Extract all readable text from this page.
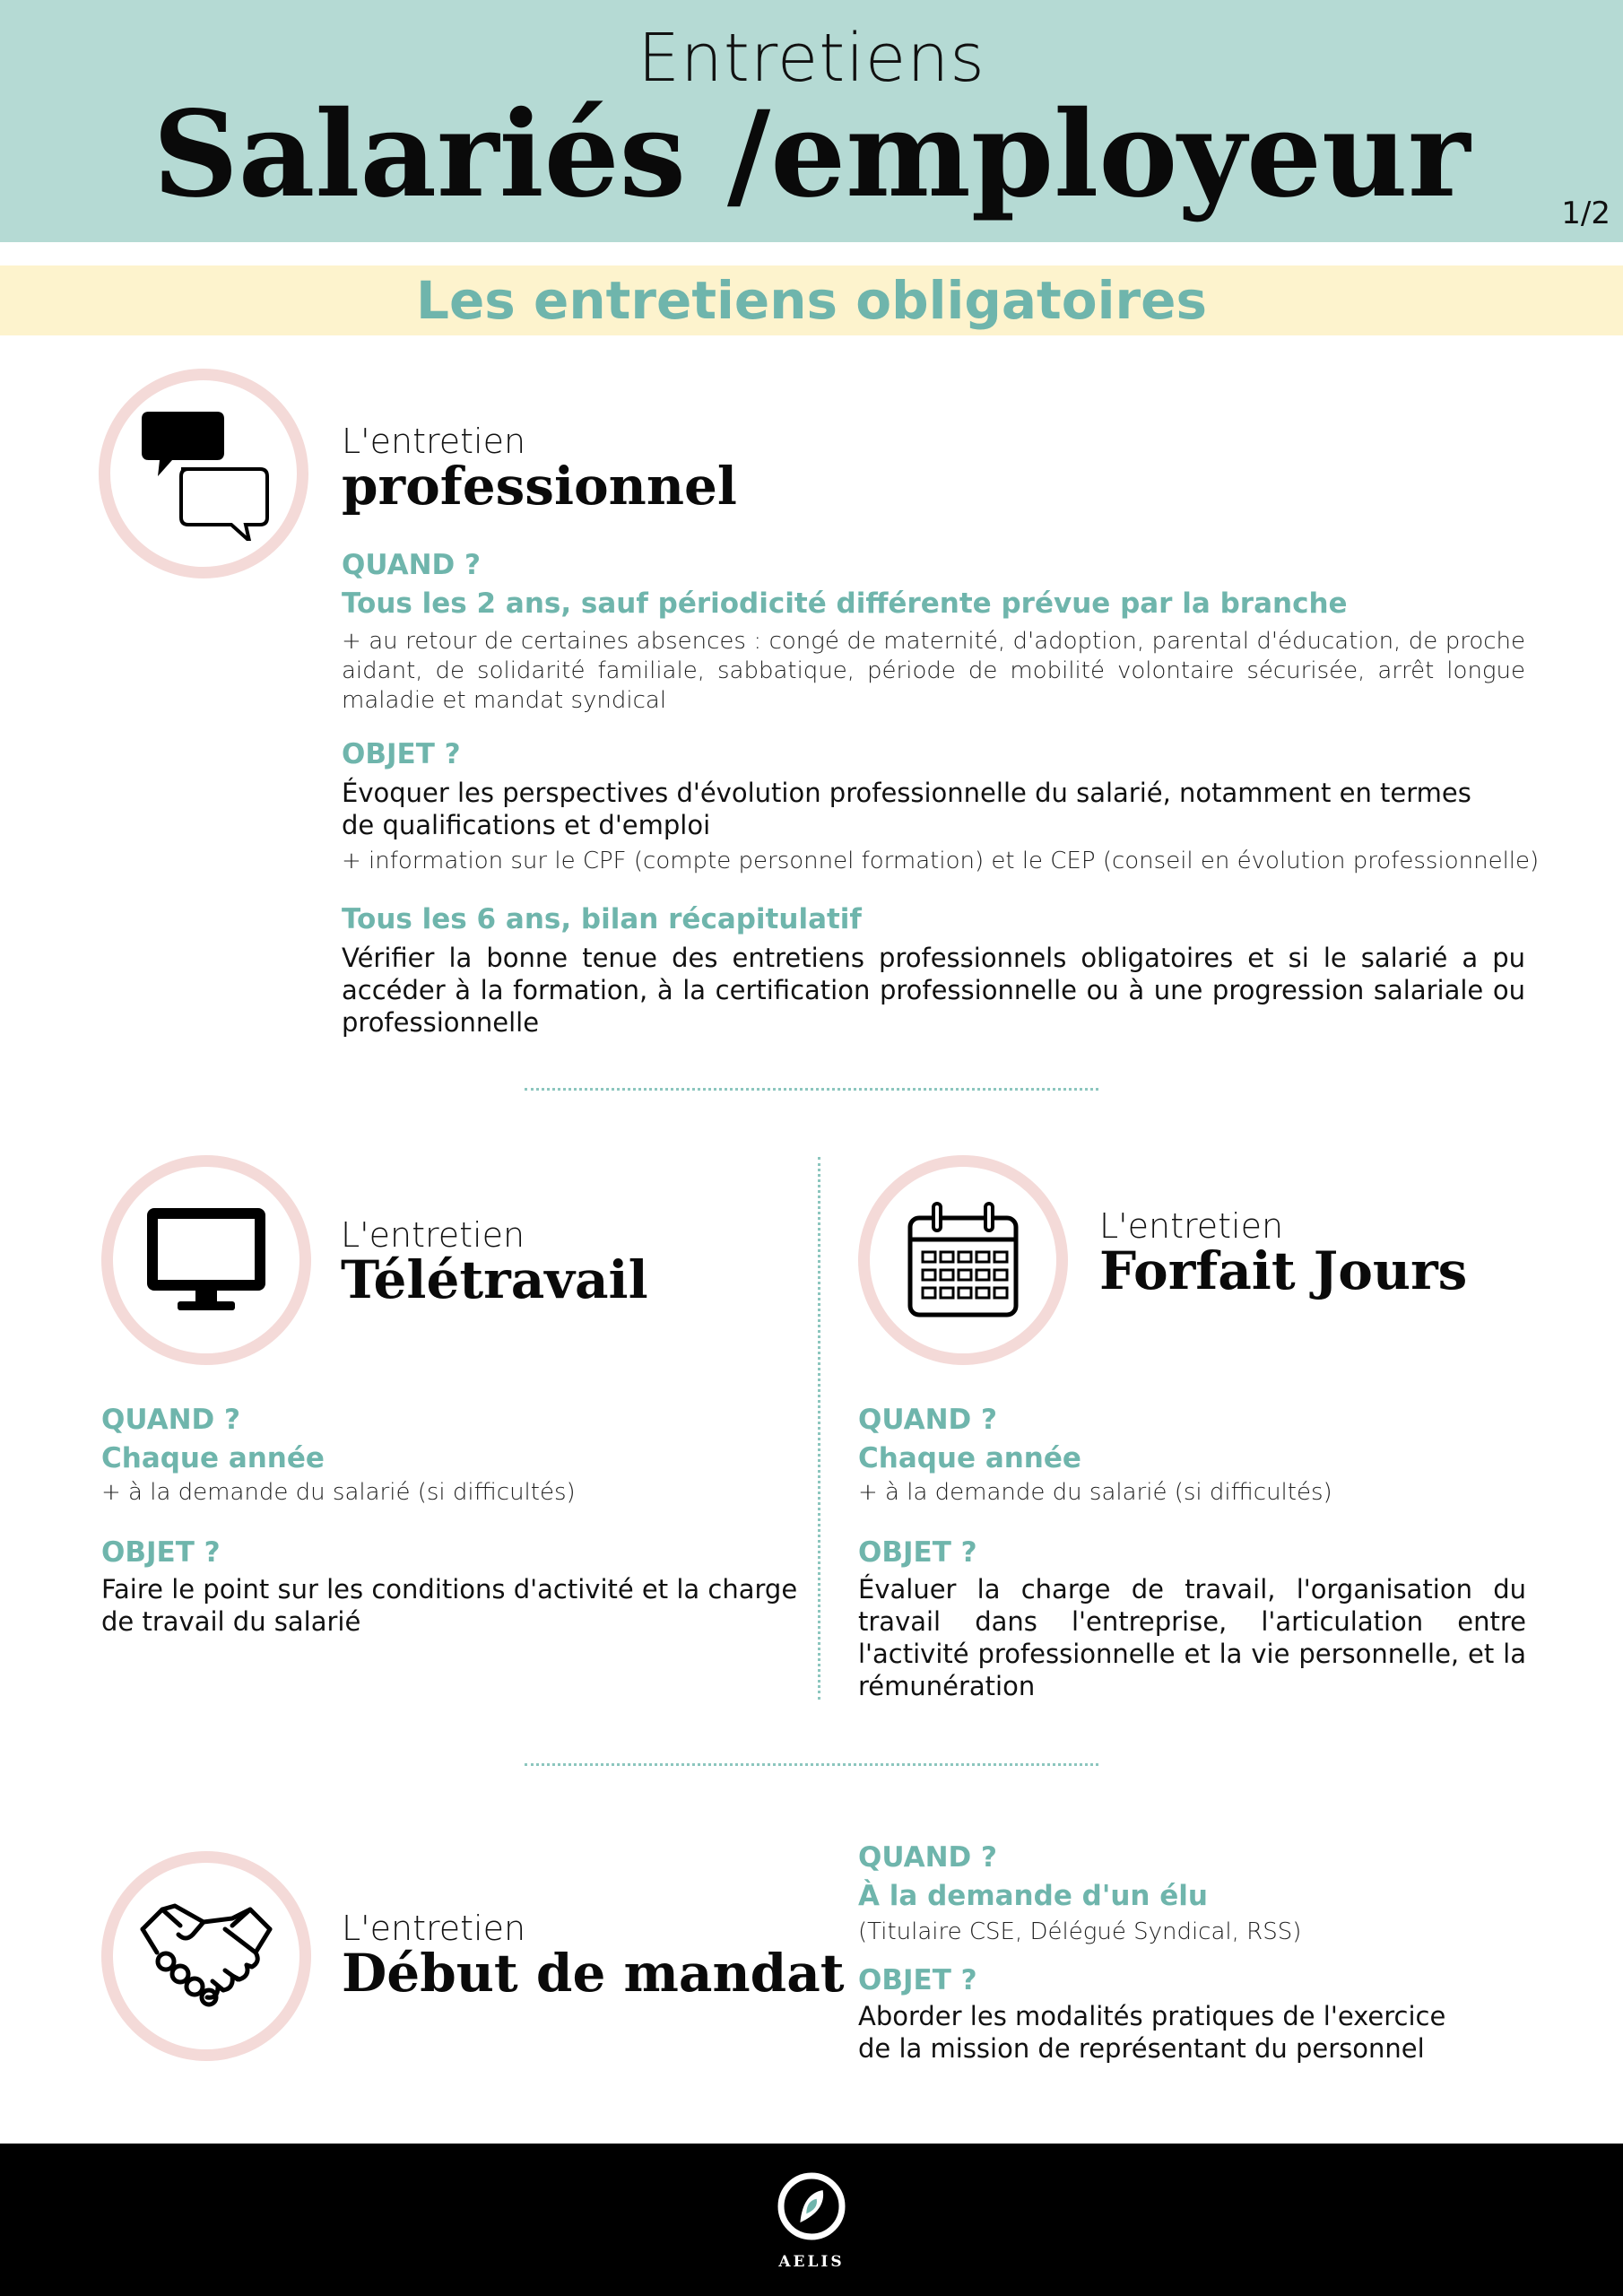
Entretiens
Salariés /employeur	1/2
Les entretiens obligatoires
L'entretien
professionnel
QUAND ?
Tous les 2 ans, sauf périodicité différente prévue par la branche
+ au retour de certaines absences : congé de maternité, d'adoption, parental d'éducation, de proche aidant, de solidarité familiale, sabbatique, période de mobilité volontaire sécurisée, arrêt longue maladie et mandat syndical
OBJET ?
Évoquer les perspectives d'évolution professionnelle du salarié, notamment en termes de qualifications et d'emploi
+ information sur le CPF (compte personnel formation) et le CEP (conseil en évolution professionnelle)
Tous les 6 ans, bilan récapitulatif
Vérifier la bonne tenue des entretiens professionnels obligatoires et si le salarié a pu accéder à la formation, à la certification professionnelle ou à une progression salariale ou professionnelle
L'entretien
Télétravail
QUAND ?
Chaque année
+ à la demande du salarié (si difficultés)
OBJET ?
Faire le point sur les conditions d'activité et la charge de travail du salarié
L'entretien
Forfait Jours
QUAND ?
Chaque année
+ à la demande du salarié (si difficultés)
OBJET ?
Évaluer la charge de travail, l'organisation du travail dans l'entreprise, l'articulation entre l'activité professionnelle et la vie personnelle, et la rémunération
L'entretien
Début de mandat
QUAND ?
À la demande d'un élu
(Titulaire CSE, Délégué Syndical, RSS)
OBJET ?
Aborder les modalités pratiques de l'exercice de la mission de représentant du personnel
AELIS
